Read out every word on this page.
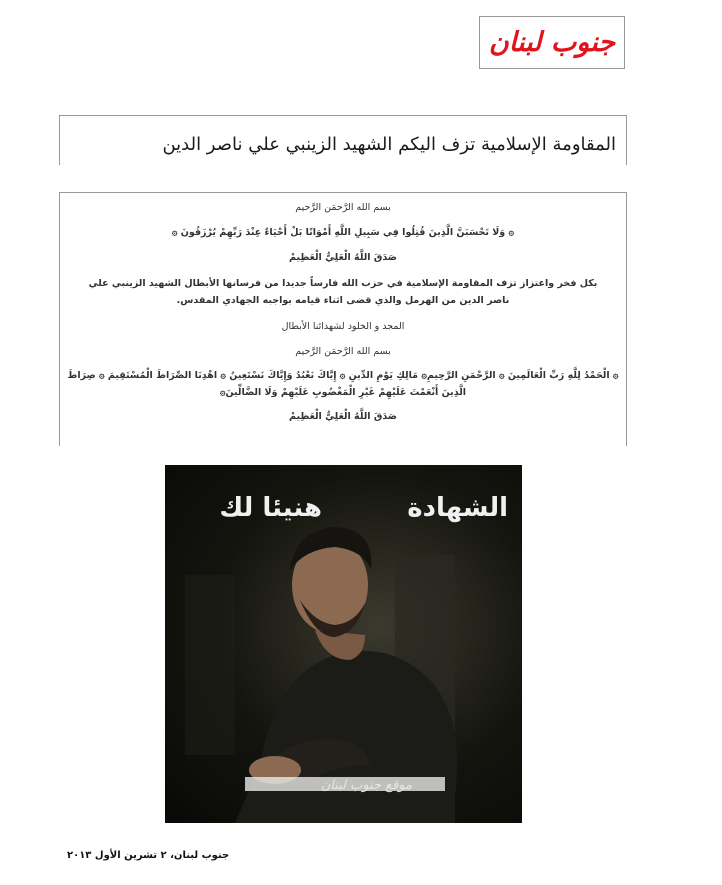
جنوب لبنان
المقاومة الإسلامية تزف اليكم الشهيد الزينبي علي ناصر الدين

بسم الله الرَّحمَن الرَّحيم

۞ وَلَا تَحْسَبَنَّ الَّذِينَ قُتِلُوا فِي سَبِيلِ اللَّهِ أَمْوَاتًا بَلْ أَحْيَاءٌ عِنْدَ رَبِّهِمْ يُرْزَقُونَ ۞

صَدَقَ اللَّهُ الْعَلِيُّ الْعَظِيمْ

بكل فخر واعتزاز تزف المقاومة الإسلامية في حزب الله فارساً جديدا من فرسانها الأبطال الشهيد الزينبي علي ناصر الدين من الهرمل والذي قضى اثناء قيامه بواجبه الجهادي المقدس.

المجد و الخلود لشهدائنا الأبطال

بسم الله الرَّحمَن الرَّحيم

۞ الْحَمْدُ لِلَّهِ رَبِّ الْعَالَمِينَ ۞ الرَّحْمَنِ الرَّحِيمِ۞ مَالِكِ يَوْمِ الدِّينِ ۞ إِيَّاكَ نَعْبُدُ وَإِيَّاكَ نَسْتَعِينُ ۞ اهْدِنَا الصِّرَاطَ الْمُسْتَقِيمَ ۞ صِرَاطَ الَّذِينَ أَنْعَمْتَ عَلَيْهِمْ غَيْرِ الْمَغْضُوبِ عَلَيْهِمْ وَلَا الضَّالِّينَ۞

صَدَقَ اللَّهُ الْعَلِيُّ الْعَظِيمْ

الشهادة
هنيئا لك
موقع جنوب لبنان
جنوب لبنان، ٢ تشرين الأول ٢٠١٣
